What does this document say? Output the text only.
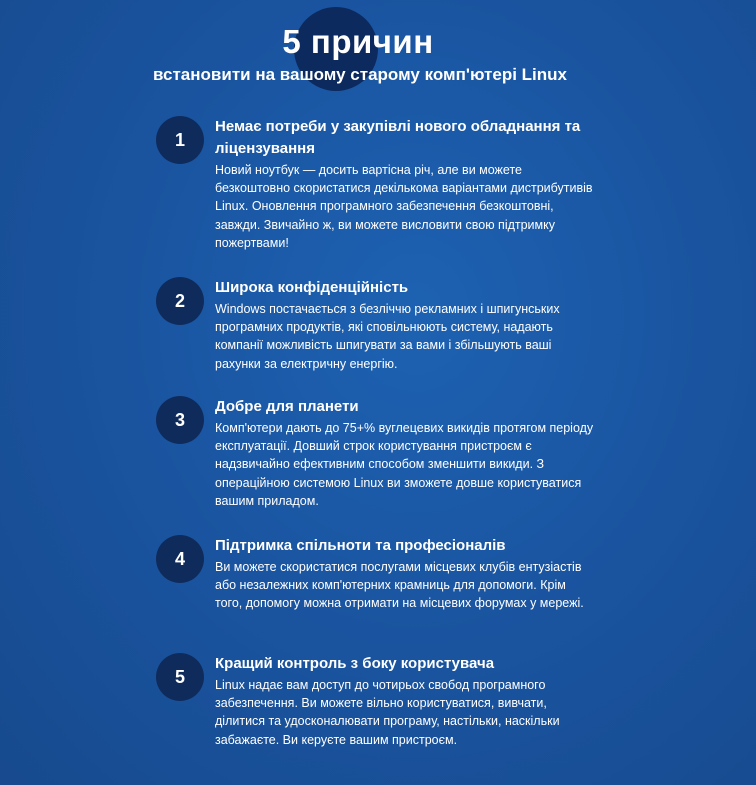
5 причин
встановити на вашому старому комп'ютері Linux
1

Немає потреби у закупівлі нового обладнання та ліцензування

Новий ноутбук — досить вартісна річ, але ви можете безкоштовно скористатися декількома варіантами дистрибутивів Linux. Оновлення програмного забезпечення безкоштовні, завжди. Звичайно ж, ви можете висловити свою підтримку пожертвами!

2

Широка конфіденційність

Windows постачається з безліччю рекламних і шпигунських програмних продуктів, які сповільнюють систему, надають компанії можливість шпигувати за вами і збільшують ваші рахунки за електричну енергію.

3

Добре для планети

Комп'ютери дають до 75+% вуглецевих викидів протягом періоду експлуатації. Довший строк користування пристроєм є надзвичайно ефективним способом зменшити викиди. З операційною системою Linux ви зможете довше користуватися вашим приладом.

4

Підтримка спільноти та професіоналів

Ви можете скористатися послугами місцевих клубів ентузіастів або незалежних комп'ютерних крамниць для допомоги. Крім того, допомогу можна отримати на місцевих форумах у мережі.

5

Кращий контроль з боку користувача

Linux надає вам доступ до чотирьох свобод програмного забезпечення. Ви можете вільно користуватися, вивчати, ділитися та удосконалювати програму, настільки, наскільки забажаєте. Ви керуєте вашим пристроєм.
